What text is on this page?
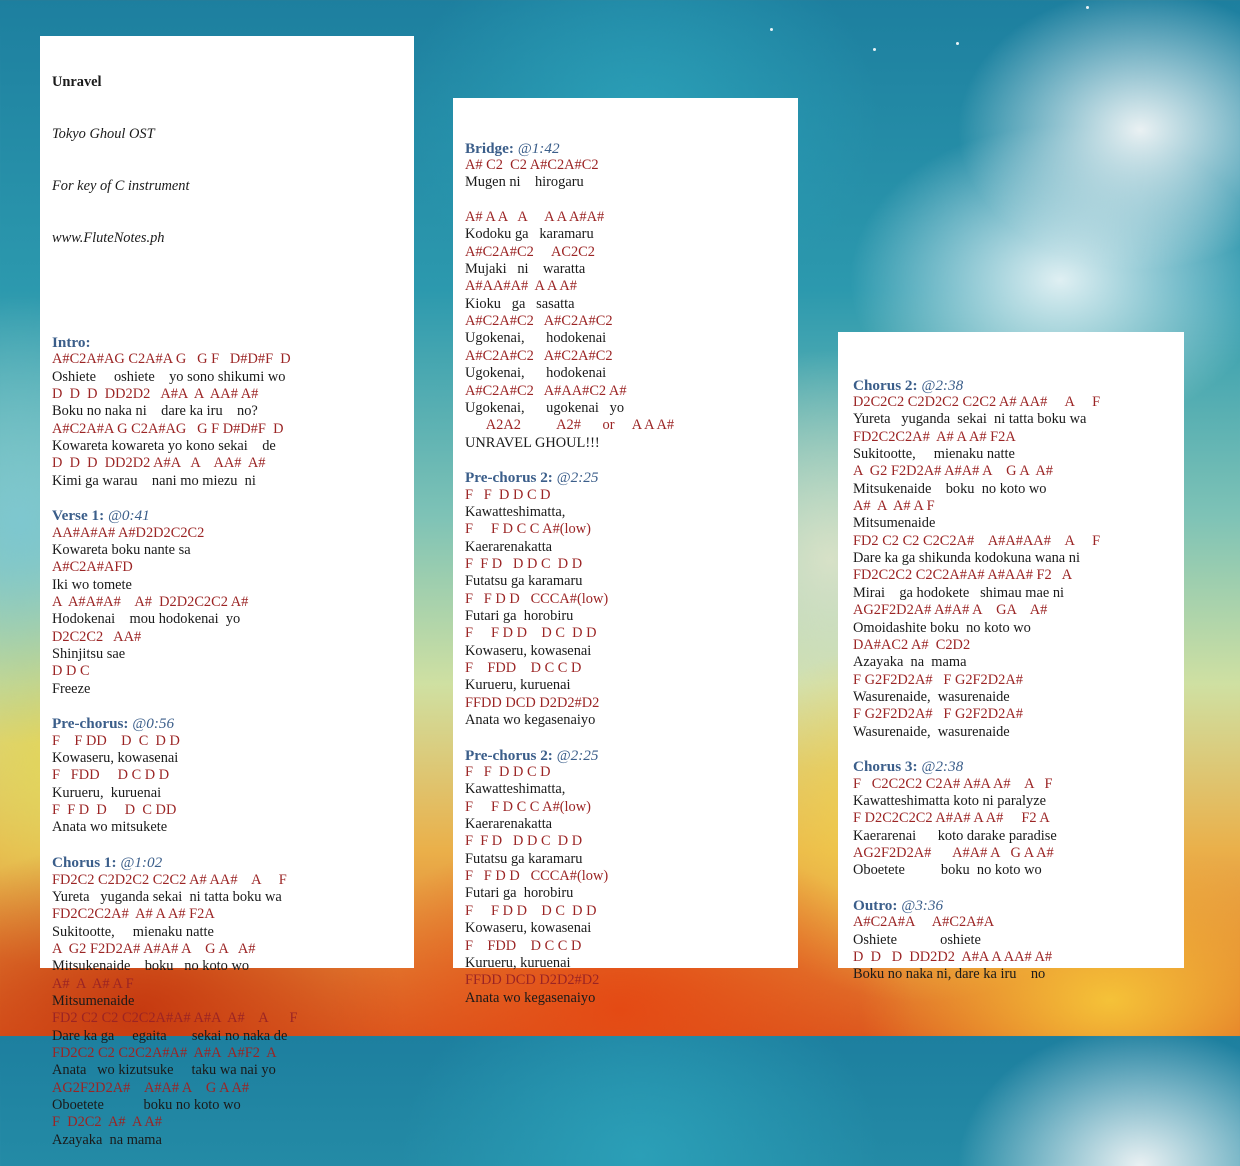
Unravel

Tokyo Ghoul OST

For key of C instrument

www.FluteNotes.ph

Intro:
A#C2A#AG C2A#A G   G F   D#D#F  D
Oshiete     oshiete    yo sono shikumi wo
D  D  D  DD2D2   A#A  A  AA# A#
Boku no naka ni    dare ka iru    no?
A#C2A#A G C2A#AG   G F D#D#F  D
Kowareta kowareta yo kono sekai    de
D  D  D  DD2D2 A#A   A    AA#  A#
Kimi ga warau    nani mo miezu  ni
Verse 1: @0:41
AA#A#A# A#D2D2C2C2
Kowareta boku nante sa
A#C2A#AFD
Iki wo tomete
A  A#A#A#    A#  D2D2C2C2 A#
Hodokenai    mou hodokenai  yo
D2C2C2   AA#
Shinjitsu sae
D D C
Freeze
Pre-chorus: @0:56
F    F DD    D  C  D D
Kowaseru, kowasenai
F   FDD     D C D D
Kurueru,  kuruenai
F  F D  D     D  C DD
Anata wo mitsukete
Chorus 1: @1:02
FD2C2 C2D2C2 C2C2 A# AA#    A     F
Yureta   yuganda sekai  ni tatta boku wa
FD2C2C2A#  A# A A# F2A
Sukitootte,     mienaku natte
A  G2 F2D2A# A#A# A    G A   A#
Mitsukenaide    boku   no koto wo
A#  A  A# A F
Mitsumenaide
FD2 C2 C2 C2C2A#A# A#A  A#    A      F
Dare ka ga     egaita       sekai no naka de
FD2C2 C2 C2C2A#A#  A#A  A#F2  A
Anata   wo kizutsuke     taku wa nai yo
AG2F2D2A#    A#A# A    G A A#
Oboetete           boku no koto wo
F  D2C2  A#  A A#
Azayaka  na mama

Bridge: @1:42
A# C2  C2 A#C2A#C2
Mugen ni    hirogaru
A# A A   A     A A A#A#
Kodoku ga   karamaru
A#C2A#C2     AC2C2
Mujaki   ni    waratta
A#AA#A#  A A A#
Kioku   ga   sasatta
A#C2A#C2   A#C2A#C2
Ugokenai,      hodokenai
A#C2A#C2   A#C2A#C2
Ugokenai,      hodokenai
A#C2A#C2   A#AA#C2 A#
Ugokenai,      ugokenai   yo
A2A2          A2#      or     A A A#
UNRAVEL GHOUL!!!
Pre-chorus 2: @2:25
F   F  D D C D
Kawatteshimatta,
F     F D C C A#(low)
Kaerarenakatta
F  F D   D D C  D D
Futatsu ga karamaru
F   F D D   CCCA#(low)
Futari ga  horobiru
F     F D D    D C  D D
Kowaseru, kowasenai
F    FDD    D C C D
Kurueru, kuruenai
FFDD DCD D2D2#D2
Anata wo kegasenaiyo
Pre-chorus 2: @2:25
F   F  D D C D
Kawatteshimatta,
F     F D C C A#(low)
Kaerarenakatta
F  F D   D D C  D D
Futatsu ga karamaru
F   F D D   CCCA#(low)
Futari ga  horobiru
F     F D D    D C  D D
Kowaseru, kowasenai
F    FDD    D C C D
Kurueru, kuruenai
FFDD DCD D2D2#D2
Anata wo kegasenaiyo

Chorus 2: @2:38
D2C2C2 C2D2C2 C2C2 A# AA#     A     F
Yureta   yuganda  sekai  ni tatta boku wa
FD2C2C2A#  A# A A# F2A
Sukitootte,     mienaku natte
A  G2 F2D2A# A#A# A    G A  A#
Mitsukenaide    boku  no koto wo
A#  A  A# A F
Mitsumenaide
FD2 C2 C2 C2C2A#    A#A#AA#    A     F
Dare ka ga shikunda kodokuna wana ni
FD2C2C2 C2C2A#A# A#AA# F2   A
Mirai    ga hodokete   shimau mae ni
AG2F2D2A# A#A# A    GA    A#
Omoidashite boku  no koto wo
DA#AC2 A#  C2D2
Azayaka  na  mama
F G2F2D2A#   F G2F2D2A#
Wasurenaide,  wasurenaide
F G2F2D2A#   F G2F2D2A#
Wasurenaide,  wasurenaide
Chorus 3: @2:38
F   C2C2C2 C2A# A#A A#    A   F
Kawatteshimatta koto ni paralyze
F D2C2C2C2 A#A# A A#     F2 A
Kaerarenai      koto darake paradise
AG2F2D2A#      A#A# A   G A A#
Oboetete          boku  no koto wo
Outro: @3:36
A#C2A#A     A#C2A#A
Oshiete            oshiete
D  D   D  DD2D2  A#A A AA# A#
Boku no naka ni, dare ka iru    no
